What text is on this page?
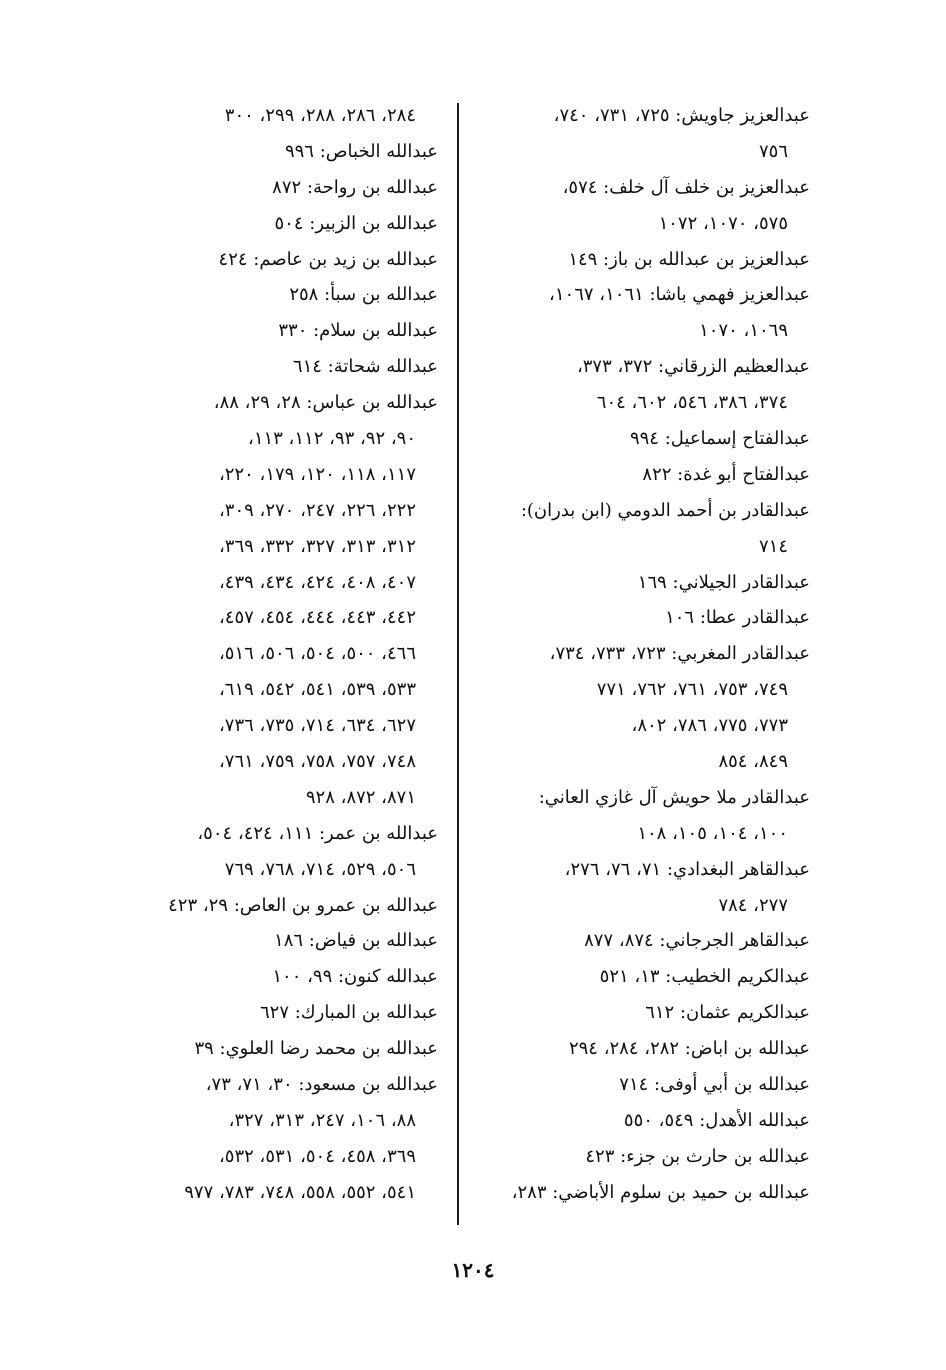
عبدالعزيز جاويش: ٧٢٥، ٧٣١، ٧٤٠،
٧٥٦
عبدالعزيز بن خلف آل خلف: ٥٧٤،
٥٧٥، ١٠٧٠، ١٠٧٢
عبدالعزيز بن عبدالله بن باز: ١٤٩
عبدالعزيز فهمي باشا: ١٠٦١، ١٠٦٧،
١٠٦٩، ١٠٧٠
عبدالعظيم الزرقاني: ٣٧٢، ٣٧٣،
٣٧٤، ٣٨٦، ٥٤٦، ٦٠٢، ٦٠٤
عبدالفتاح إسماعيل: ٩٩٤
عبدالفتاح أبو غدة: ٨٢٢
عبدالقادر بن أحمد الدومي (ابن بدران):
٧١٤
عبدالقادر الجيلاني: ١٦٩
عبدالقادر عطا: ١٠٦
عبدالقادر المغربي: ٧٢٣، ٧٣٣، ٧٣٤،
٧٤٩، ٧٥٣، ٧٦١، ٧٦٢، ٧٧١
٧٧٣، ٧٧٥، ٧٨٦، ٨٠٢،
٨٤٩، ٨٥٤
عبدالقادر ملا حويش آل غازي العاني:
١٠٠، ١٠٤، ١٠٥، ١٠٨
عبدالقاهر البغدادي: ٧١، ٧٦، ٢٧٦،
٢٧٧، ٧٨٤
عبدالقاهر الجرجاني: ٨٧٤، ٨٧٧
عبدالكريم الخطيب: ١٣، ٥٢١
عبدالكريم عثمان: ٦١٢
عبدالله بن اباض: ٢٨٢، ٢٨٤، ٢٩٤
عبدالله بن أبي أوفى: ٧١٤
عبدالله الأهدل: ٥٤٩، ٥٥٠
عبدالله بن حارث بن جزء: ٤٢٣
عبدالله بن حميد بن سلوم الأباضي: ٢٨٣،
٢٨٤، ٢٨٦، ٢٨٨، ٢٩٩، ٣٠٠
عبدالله الخباص: ٩٩٦
عبدالله بن رواحة: ٨٧٢
عبدالله بن الزبير: ٥٠٤
عبدالله بن زيد بن عاصم: ٤٢٤
عبدالله بن سبأ: ٢٥٨
عبدالله بن سلام: ٣٣٠
عبدالله شحاتة: ٦١٤
عبدالله بن عباس: ٢٨، ٢٩، ٨٨،
٩٠، ٩٢، ٩٣، ١١٢، ١١٣،
١١٧، ١١٨، ١٢٠، ١٧٩، ٢٢٠،
٢٢٢، ٢٢٦، ٢٤٧، ٢٧٠، ٣٠٩،
٣١٢، ٣١٣، ٣٢٧، ٣٣٢، ٣٦٩،
٤٠٧، ٤٠٨، ٤٢٤، ٤٣٤، ٤٣٩،
٤٤٢، ٤٤٣، ٤٤٤، ٤٥٤، ٤٥٧،
٤٦٦، ٥٠٠، ٥٠٤، ٥٠٦، ٥١٦،
٥٣٣، ٥٣٩، ٥٤١، ٥٤٢، ٦١٩،
٦٢٧، ٦٣٤، ٧١٤، ٧٣٥، ٧٣٦،
٧٤٨، ٧٥٧، ٧٥٨، ٧٥٩، ٧٦١،
٨٧١، ٨٧٢، ٩٢٨
عبدالله بن عمر: ١١١، ٤٢٤، ٥٠٤،
٥٠٦، ٥٢٩، ٧١٤، ٧٦٨، ٧٦٩
عبدالله بن عمرو بن العاص: ٢٩، ٤٢٣
عبدالله بن فياض: ١٨٦
عبدالله كنون: ٩٩، ١٠٠
عبدالله بن المبارك: ٦٢٧
عبدالله بن محمد رضا العلوي: ٣٩
عبدالله بن مسعود: ٣٠، ٧١، ٧٣،
٨٨، ١٠٦، ٢٤٧، ٣١٣، ٣٢٧،
٣٦٩، ٤٥٨، ٥٠٤، ٥٣١، ٥٣٢،
٥٤١، ٥٥٢، ٥٥٨، ٧٤٨، ٧٨٣، ٩٧٧
١٢٠٤
